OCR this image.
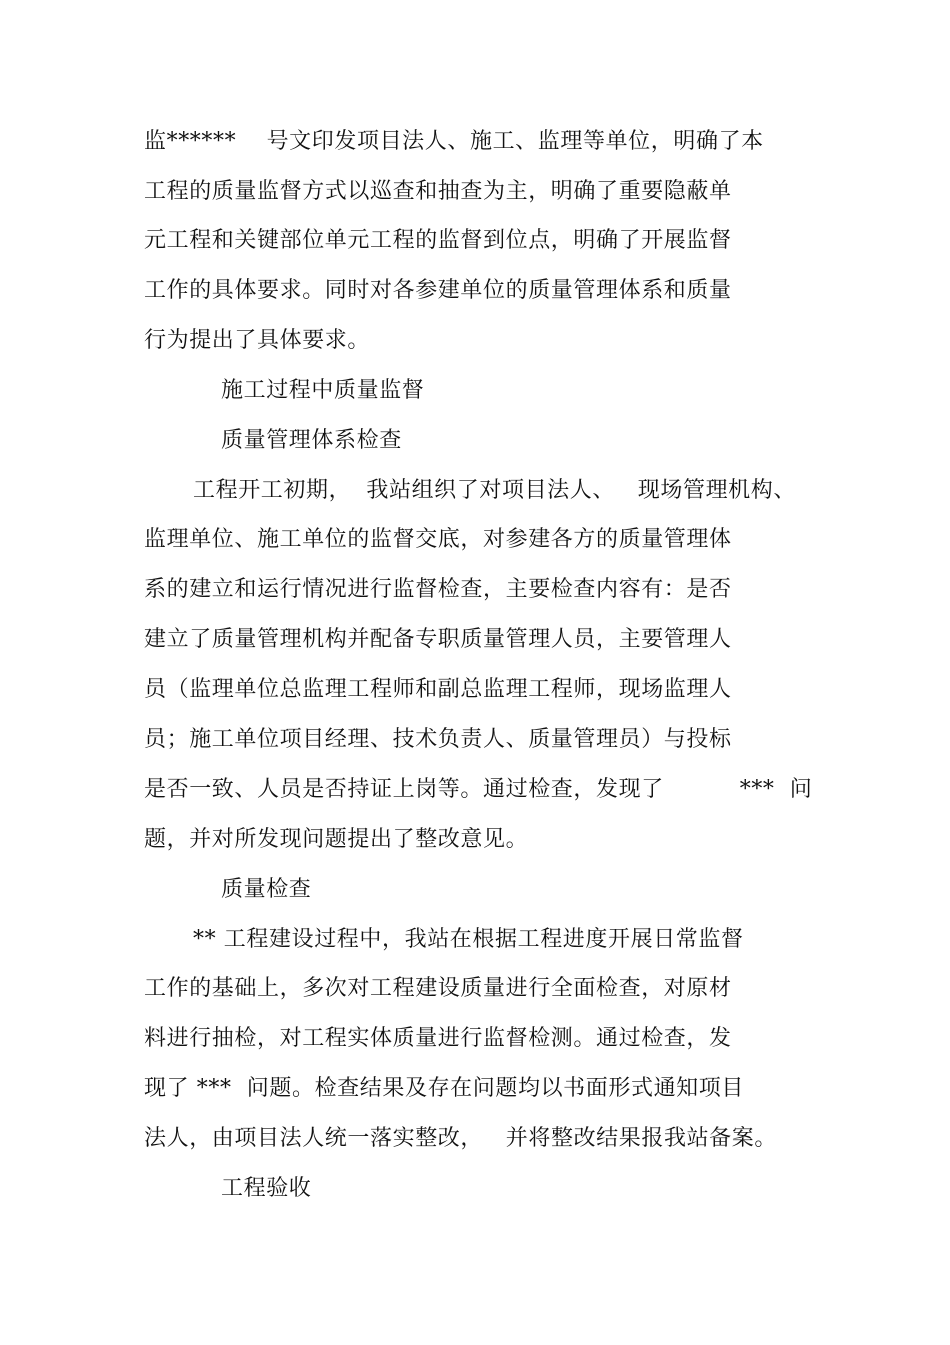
监******    号文印发项目法人、施工、监理等单位，明确了本
工程的质量监督方式以巡查和抽查为主，明确了重要隐蔽单
元工程和关键部位单元工程的监督到位点，明确了开展监督
工作的具体要求。同时对各参建单位的质量管理体系和质量
行为提出了具体要求。
施工过程中质量监督
质量管理体系检查
工程开工初期，  我站组织了对项目法人、   现场管理机构、
监理单位、施工单位的监督交底，对参建各方的质量管理体
系的建立和运行情况进行监督检查，主要检查内容有：是否
建立了质量管理机构并配备专职质量管理人员，主要管理人
员（监理单位总监理工程师和副总监理工程师，现场监理人
员；施工单位项目经理、技术负责人、质量管理员）与投标
是否一致、人员是否持证上岗等。通过检查，发现了          ***  问
题，并对所发现问题提出了整改意见。
质量检查
** 工程建设过程中，我站在根据工程进度开展日常监督
工作的基础上，多次对工程建设质量进行全面检查，对原材
料进行抽检，对工程实体质量进行监督检测。通过检查，发
现了 ***  问题。检查结果及存在问题均以书面形式通知项目
法人，由项目法人统一落实整改，   并将整改结果报我站备案。
工程验收
